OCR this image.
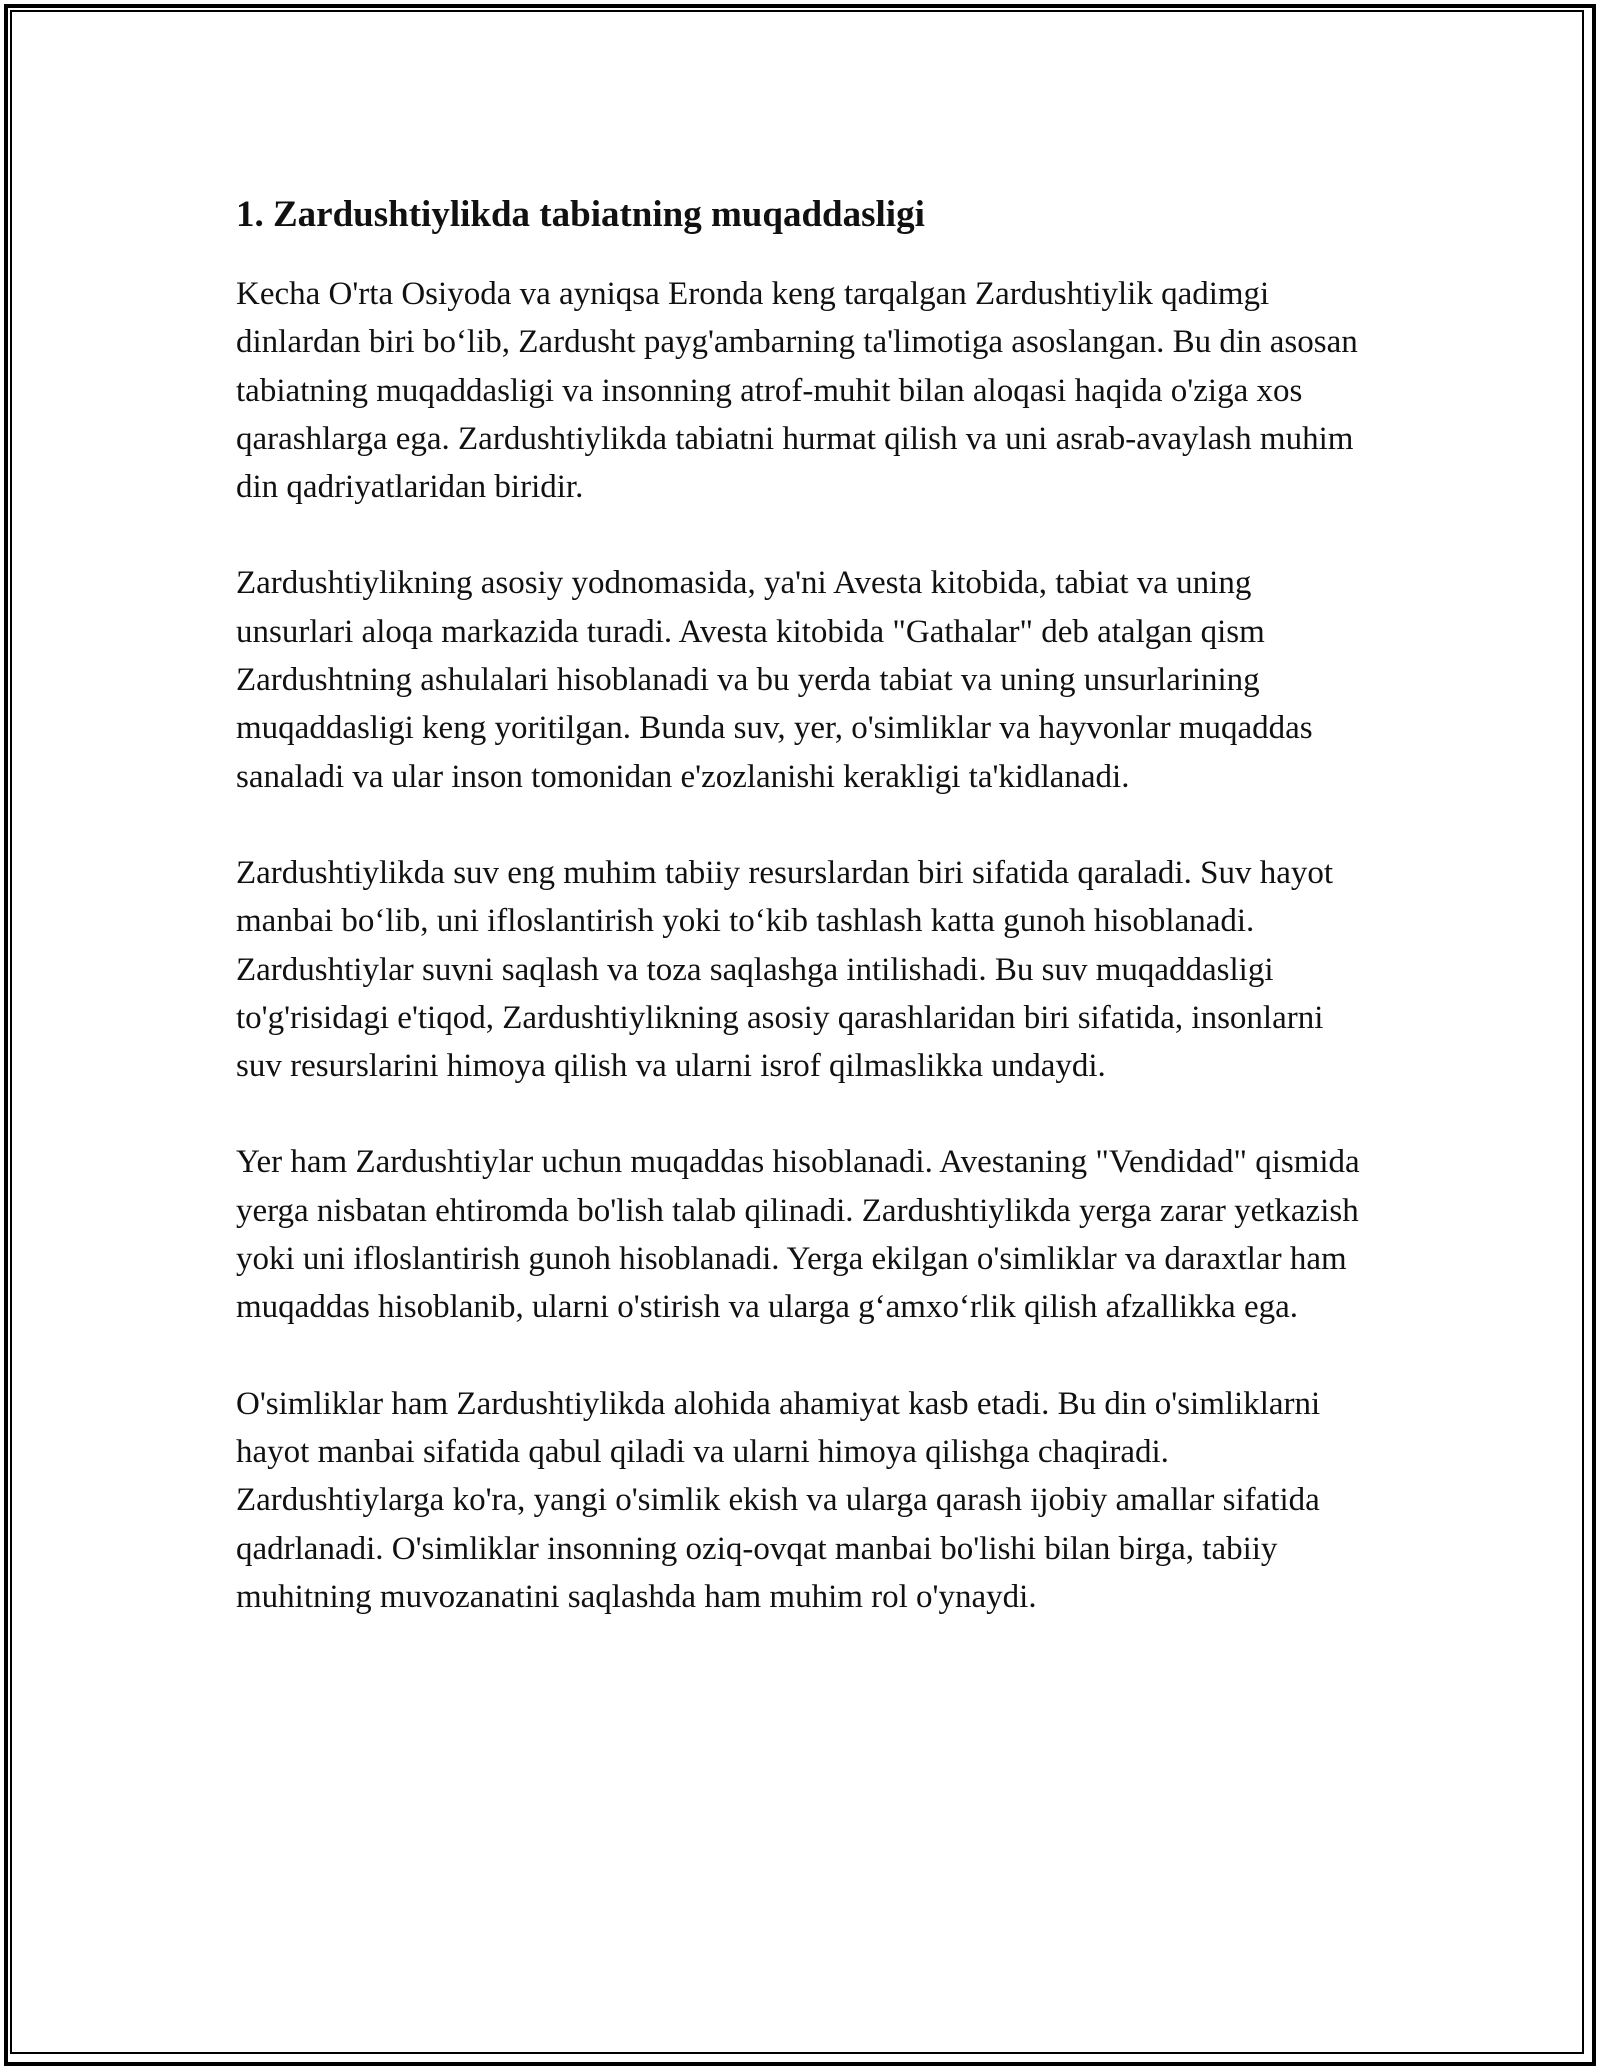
1. Zardushtiylikda tabiatning muqaddasligi

Kecha O'rta Osiyoda va ayniqsa Eronda keng tarqalgan Zardushtiylik qadimgi dinlardan biri bo‘lib, Zardusht payg'ambarning ta'limotiga asoslangan. Bu din asosan tabiatning muqaddasligi va insonning atrof-muhit bilan aloqasi haqida o'ziga xos qarashlarga ega. Zardushtiylikda tabiatni hurmat qilish va uni asrab-avaylash muhim din qadriyatlaridan biridir.

Zardushtiylikning asosiy yodnomasida, ya'ni Avesta kitobida, tabiat va uning unsurlari aloqa markazida turadi. Avesta kitobida "Gathalar" deb atalgan qism Zardushtning ashulalari hisoblanadi va bu yerda tabiat va uning unsurlarining muqaddasligi keng yoritilgan. Bunda suv, yer, o'simliklar va hayvonlar muqaddas sanaladi va ular inson tomonidan e'zozlanishi kerakligi ta'kidlanadi.

Zardushtiylikda suv eng muhim tabiiy resurslardan biri sifatida qaraladi. Suv hayot manbai bo‘lib, uni ifloslantirish yoki to‘kib tashlash katta gunoh hisoblanadi. Zardushtiylar suvni saqlash va toza saqlashga intilishadi. Bu suv muqaddasligi to'g'risidagi e'tiqod, Zardushtiylikning asosiy qarashlaridan biri sifatida, insonlarni suv resurslarini himoya qilish va ularni isrof qilmaslikka undaydi.

Yer ham Zardushtiylar uchun muqaddas hisoblanadi. Avestaning "Vendidad" qismida yerga nisbatan ehtiromda bo'lish talab qilinadi. Zardushtiylikda yerga zarar yetkazish yoki uni ifloslantirish gunoh hisoblanadi. Yerga ekilgan o'simliklar va daraxtlar ham muqaddas hisoblanib, ularni o'stirish va ularga g‘amxo‘rlik qilish afzallikka ega.

O'simliklar ham Zardushtiylikda alohida ahamiyat kasb etadi. Bu din o'simliklarni hayot manbai sifatida qabul qiladi va ularni himoya qilishga chaqiradi. Zardushtiylarga ko'ra, yangi o'simlik ekish va ularga qarash ijobiy amallar sifatida qadrlanadi. O'simliklar insonning oziq-ovqat manbai bo'lishi bilan birga, tabiiy muhitning muvozanatini saqlashda ham muhim rol o'ynaydi.
